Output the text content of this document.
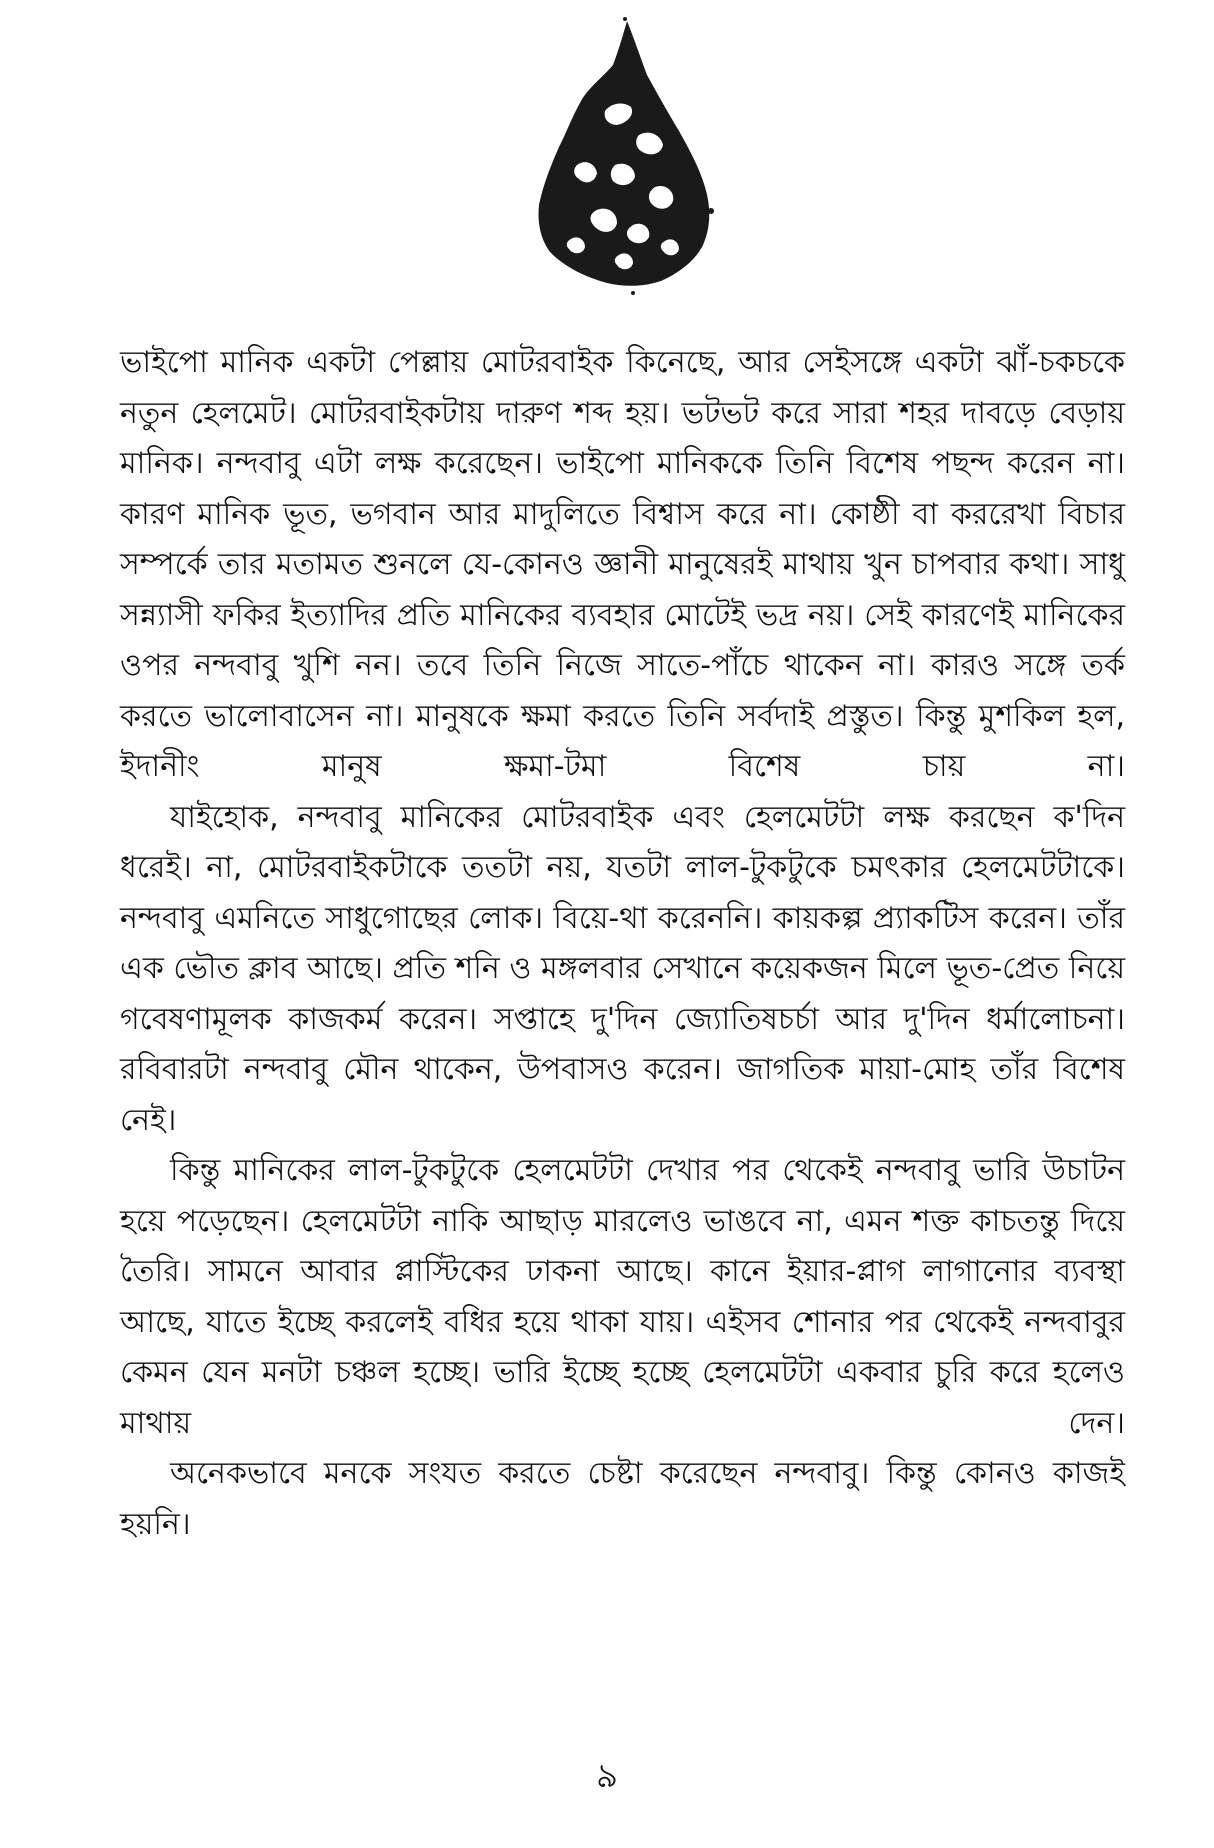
ভাইপো মানিক একটা পেল্লায় মোটরবাইক কিনেছে, আর সেইসঙ্গে একটা ঝাঁ-চকচকে নতুন হেলমেট। মোটরবাইকটায় দারুণ শব্দ হয়। ভটভট করে সারা শহর দাবড়ে বেড়ায় মানিক। নন্দবাবু এটা লক্ষ করেছেন। ভাইপো মানিককে তিনি বিশেষ পছন্দ করেন না। কারণ মানিক ভূত, ভগবান আর মাদুলিতে বিশ্বাস করে না। কোষ্ঠী বা কররেখা বিচার সম্পর্কে তার মতামত শুনলে যে-কোনও জ্ঞানী মানুষেরই মাথায় খুন চাপবার কথা। সাধু সন্ন্যাসী ফকির ইত্যাদির প্রতি মানিকের ব্যবহার মোটেই ভদ্র নয়। সেই কারণেই মানিকের ওপর নন্দবাবু খুশি নন। তবে তিনি নিজে সাতে-পাঁচে থাকেন না। কারও সঙ্গে তর্ক করতে ভালোবাসেন না। মানুষকে ক্ষমা করতে তিনি সর্বদাই প্রস্তুত। কিন্তু মুশকিল হল, ইদানীং মানুষ ক্ষমা-টমা বিশেষ চায় না।

যাইহোক, নন্দবাবু মানিকের মোটরবাইক এবং হেলমেটটা লক্ষ করছেন ক'দিন ধরেই। না, মোটরবাইকটাকে ততটা নয়, যতটা লাল-টুকটুকে চমৎকার হেলমেটটাকে। নন্দবাবু এমনিতে সাধুগোছের লোক। বিয়ে-থা করেননি। কায়কল্প প্র্যাকটিস করেন। তাঁর এক ভৌত ক্লাব আছে। প্রতি শনি ও মঙ্গলবার সেখানে কয়েকজন মিলে ভূত-প্রেত নিয়ে গবেষণামূলক কাজকর্ম করেন। সপ্তাহে দু'দিন জ্যোতিষচর্চা আর দু'দিন ধর্মালোচনা। রবিবারটা নন্দবাবু মৌন থাকেন, উপবাসও করেন। জাগতিক মায়া-মোহ তাঁর বিশেষ নেই।

কিন্তু মানিকের লাল-টুকটুকে হেলমেটটা দেখার পর থেকেই নন্দবাবু ভারি উচাটন হয়ে পড়েছেন। হেলমেটটা নাকি আছাড় মারলেও ভাঙবে না, এমন শক্ত কাচতন্তু দিয়ে তৈরি। সামনে আবার প্লাস্টিকের ঢাকনা আছে। কানে ইয়ার-প্লাগ লাগানোর ব্যবস্থা আছে, যাতে ইচ্ছে করলেই বধির হয়ে থাকা যায়। এইসব শোনার পর থেকেই নন্দবাবুর কেমন যেন মনটা চঞ্চল হচ্ছে। ভারি ইচ্ছে হচ্ছে হেলমেটটা একবার চুরি করে হলেও মাথায় দেন।

অনেকভাবে মনকে সংযত করতে চেষ্টা করেছেন নন্দবাবু। কিন্তু কোনও কাজই হয়নি।

৯
